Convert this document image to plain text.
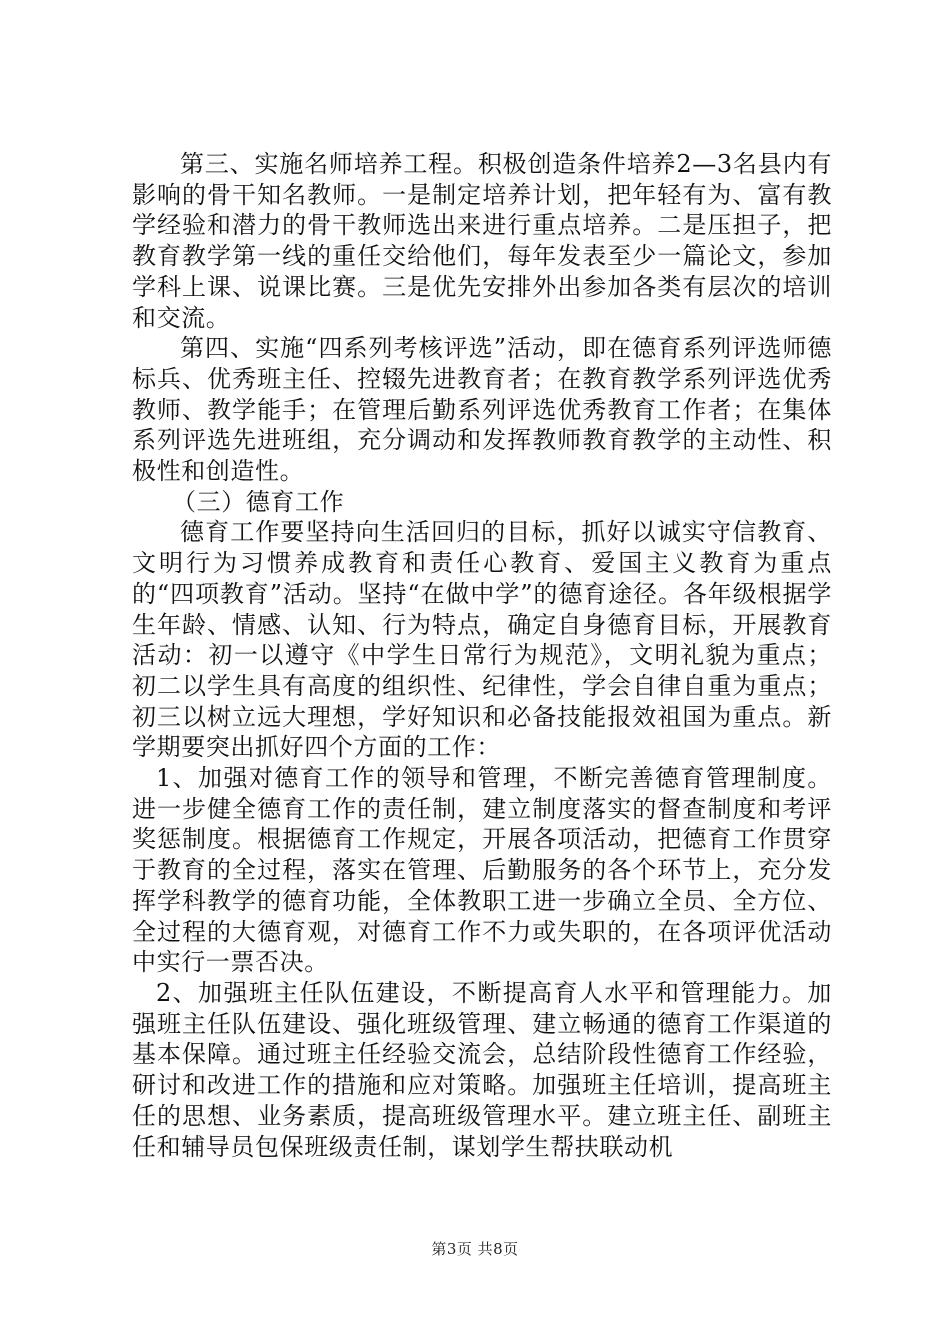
第三、实施名师培养工程。积极创造条件培养2—3名县内有影响的骨干知名教师。一是制定培养计划，把年轻有为、富有教学经验和潜力的骨干教师选出来进行重点培养。二是压担子，把教育教学第一线的重任交给他们，每年发表至少一篇论文，参加学科上课、说课比赛。三是优先安排外出参加各类有层次的培训和交流。

第四、实施“四系列考核评选”活动，即在德育系列评选师德标兵、优秀班主任、控辍先进教育者；在教育教学系列评选优秀教师、教学能手；在管理后勤系列评选优秀教育工作者；在集体系列评选先进班组，充分调动和发挥教师教育教学的主动性、积极性和创造性。

（三）德育工作

德育工作要坚持向生活回归的目标，抓好以诚实守信教育、文明行为习惯养成教育和责任心教育、爱国主义教育为重点的“四项教育”活动。坚持“在做中学”的德育途径。各年级根据学生年龄、情感、认知、行为特点，确定自身德育目标，开展教育活动：初一以遵守《中学生日常行为规范》，文明礼貌为重点；初二以学生具有高度的组织性、纪律性，学会自律自重为重点；初三以树立远大理想，学好知识和必备技能报效祖国为重点。新学期要突出抓好四个方面的工作：

1、加强对德育工作的领导和管理，不断完善德育管理制度。进一步健全德育工作的责任制，建立制度落实的督查制度和考评奖惩制度。根据德育工作规定，开展各项活动，把德育工作贯穿于教育的全过程，落实在管理、后勤服务的各个环节上，充分发挥学科教学的德育功能，全体教职工进一步确立全员、全方位、全过程的大德育观，对德育工作不力或失职的，在各项评优活动中实行一票否决。

2、加强班主任队伍建设，不断提高育人水平和管理能力。加强班主任队伍建设、强化班级管理、建立畅通的德育工作渠道的基本保障。通过班主任经验交流会，总结阶段性德育工作经验，研讨和改进工作的措施和应对策略。加强班主任培训，提高班主任的思想、业务素质，提高班级管理水平。建立班主任、副班主任和辅导员包保班级责任制，谋划学生帮扶联动机

第3页 共8页
